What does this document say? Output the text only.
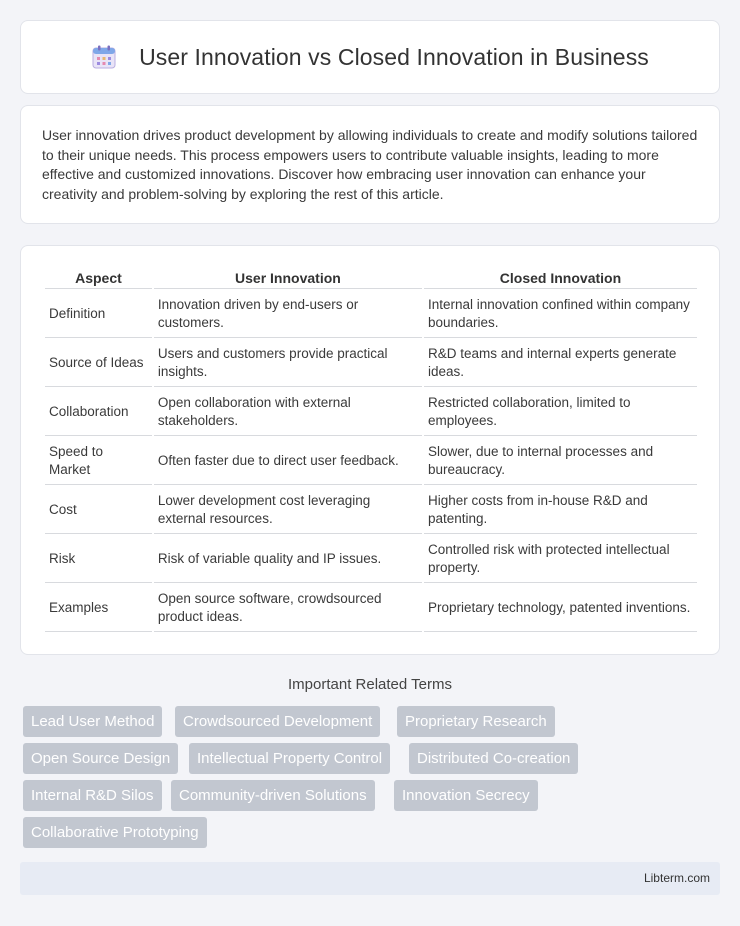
User Innovation vs Closed Innovation in Business

User innovation drives product development by allowing individuals to create and modify solutions tailored to their unique needs. This process empowers users to contribute valuable insights, leading to more effective and customized innovations. Discover how embracing user innovation can enhance your creativity and problem-solving by exploring the rest of this article.

Aspect	User Innovation	Closed Innovation
Definition	Innovation driven by end-users or customers.	Internal innovation confined within company boundaries.
Source of Ideas	Users and customers provide practical insights.	R&D teams and internal experts generate ideas.
Collaboration	Open collaboration with external stakeholders.	Restricted collaboration, limited to employees.
Speed to Market	Often faster due to direct user feedback.	Slower, due to internal processes and bureaucracy.
Cost	Lower development cost leveraging external resources.	Higher costs from in-house R&D and patenting.
Risk	Risk of variable quality and IP issues.	Controlled risk with protected intellectual property.
Examples	Open source software, crowdsourced product ideas.	Proprietary technology, patented inventions.
Important Related Terms
Lead User Method	Crowdsourced Development	Proprietary Research
Open Source Design	Intellectual Property Control	Distributed Co-creation
Internal R&D Silos	Community-driven Solutions	Innovation Secrecy
Collaborative Prototyping
Libterm.com
